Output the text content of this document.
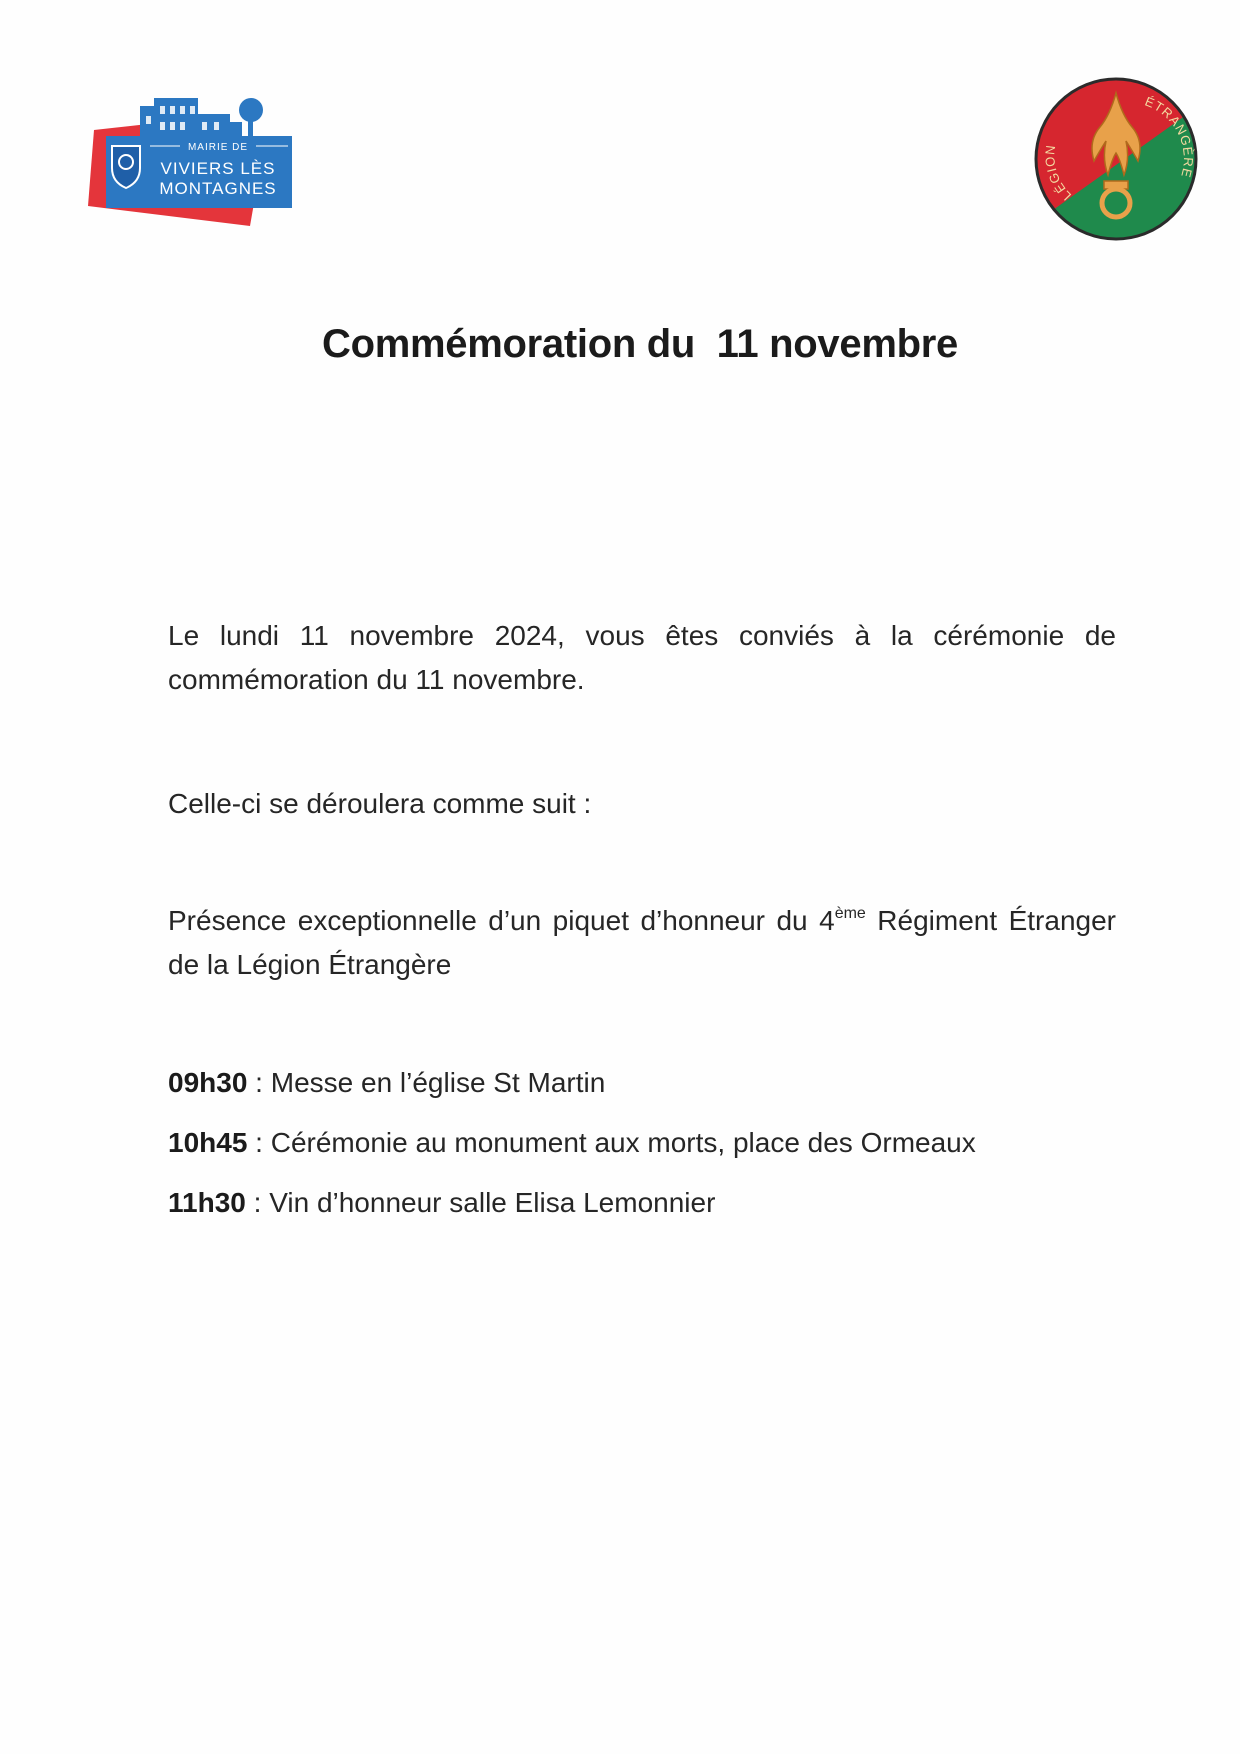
MAIRIE DE
VIVIERS LÈS
MONTAGNES	LÉGION
ÉTRANGÈRE
Commémoration du  11 novembre
Le lundi 11 novembre 2024, vous êtes conviés à la cérémonie de commémoration du 11 novembre.
Celle-ci se déroulera comme suit :
Présence exceptionnelle d’un piquet d’honneur du 4ème Régiment Étranger de la Légion Étrangère
09h30 : Messe en l’église St Martin
10h45 : Cérémonie au monument aux morts, place des Ormeaux
11h30 : Vin d’honneur salle Elisa Lemonnier
